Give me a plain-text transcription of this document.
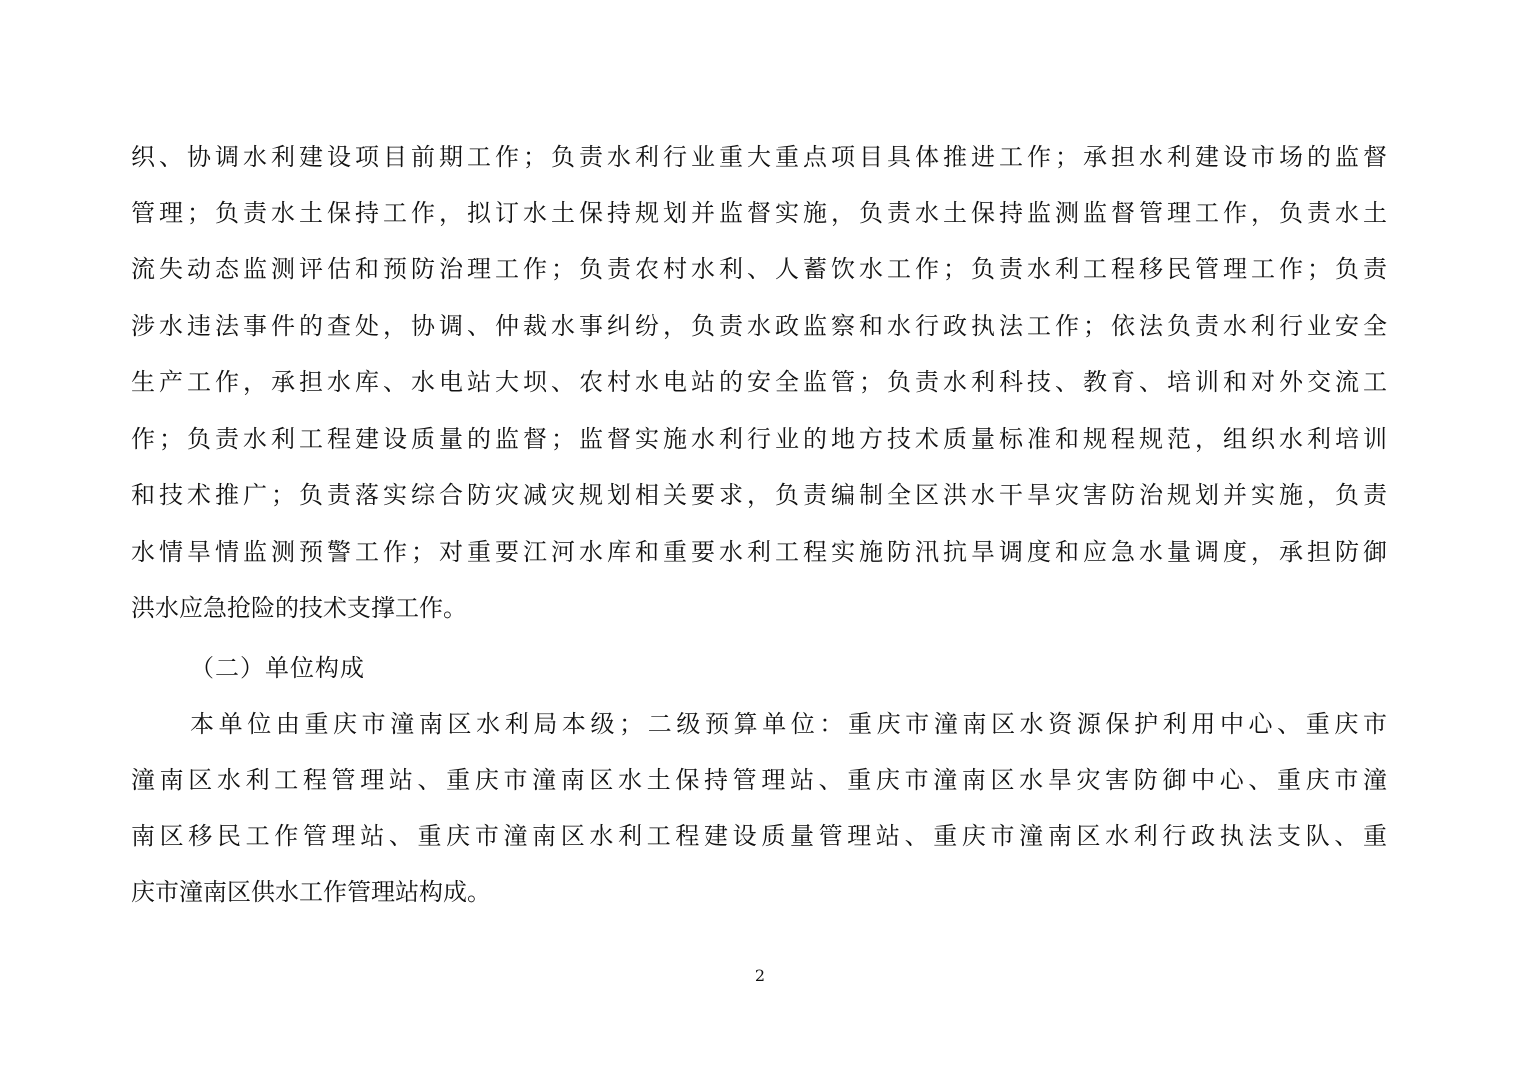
织、协调水利建设项目前期工作；负责水利行业重大重点项目具体推进工作；承担水利建设市场的监督
管理；负责水土保持工作，拟订水土保持规划并监督实施，负责水土保持监测监督管理工作，负责水土
流失动态监测评估和预防治理工作；负责农村水利、人蓄饮水工作；负责水利工程移民管理工作；负责
涉水违法事件的查处，协调、仲裁水事纠纷，负责水政监察和水行政执法工作；依法负责水利行业安全
生产工作，承担水库、水电站大坝、农村水电站的安全监管；负责水利科技、教育、培训和对外交流工
作；负责水利工程建设质量的监督；监督实施水利行业的地方技术质量标准和规程规范，组织水利培训
和技术推广；负责落实综合防灾减灾规划相关要求，负责编制全区洪水干旱灾害防治规划并实施，负责
水情旱情监测预警工作；对重要江河水库和重要水利工程实施防汛抗旱调度和应急水量调度，承担防御
洪水应急抢险的技术支撑工作。
（二）单位构成
本单位由重庆市潼南区水利局本级；二级预算单位：重庆市潼南区水资源保护利用中心、重庆市
潼南区水利工程管理站、重庆市潼南区水土保持管理站、重庆市潼南区水旱灾害防御中心、重庆市潼
南区移民工作管理站、重庆市潼南区水利工程建设质量管理站、重庆市潼南区水利行政执法支队、重
庆市潼南区供水工作管理站构成。
2
